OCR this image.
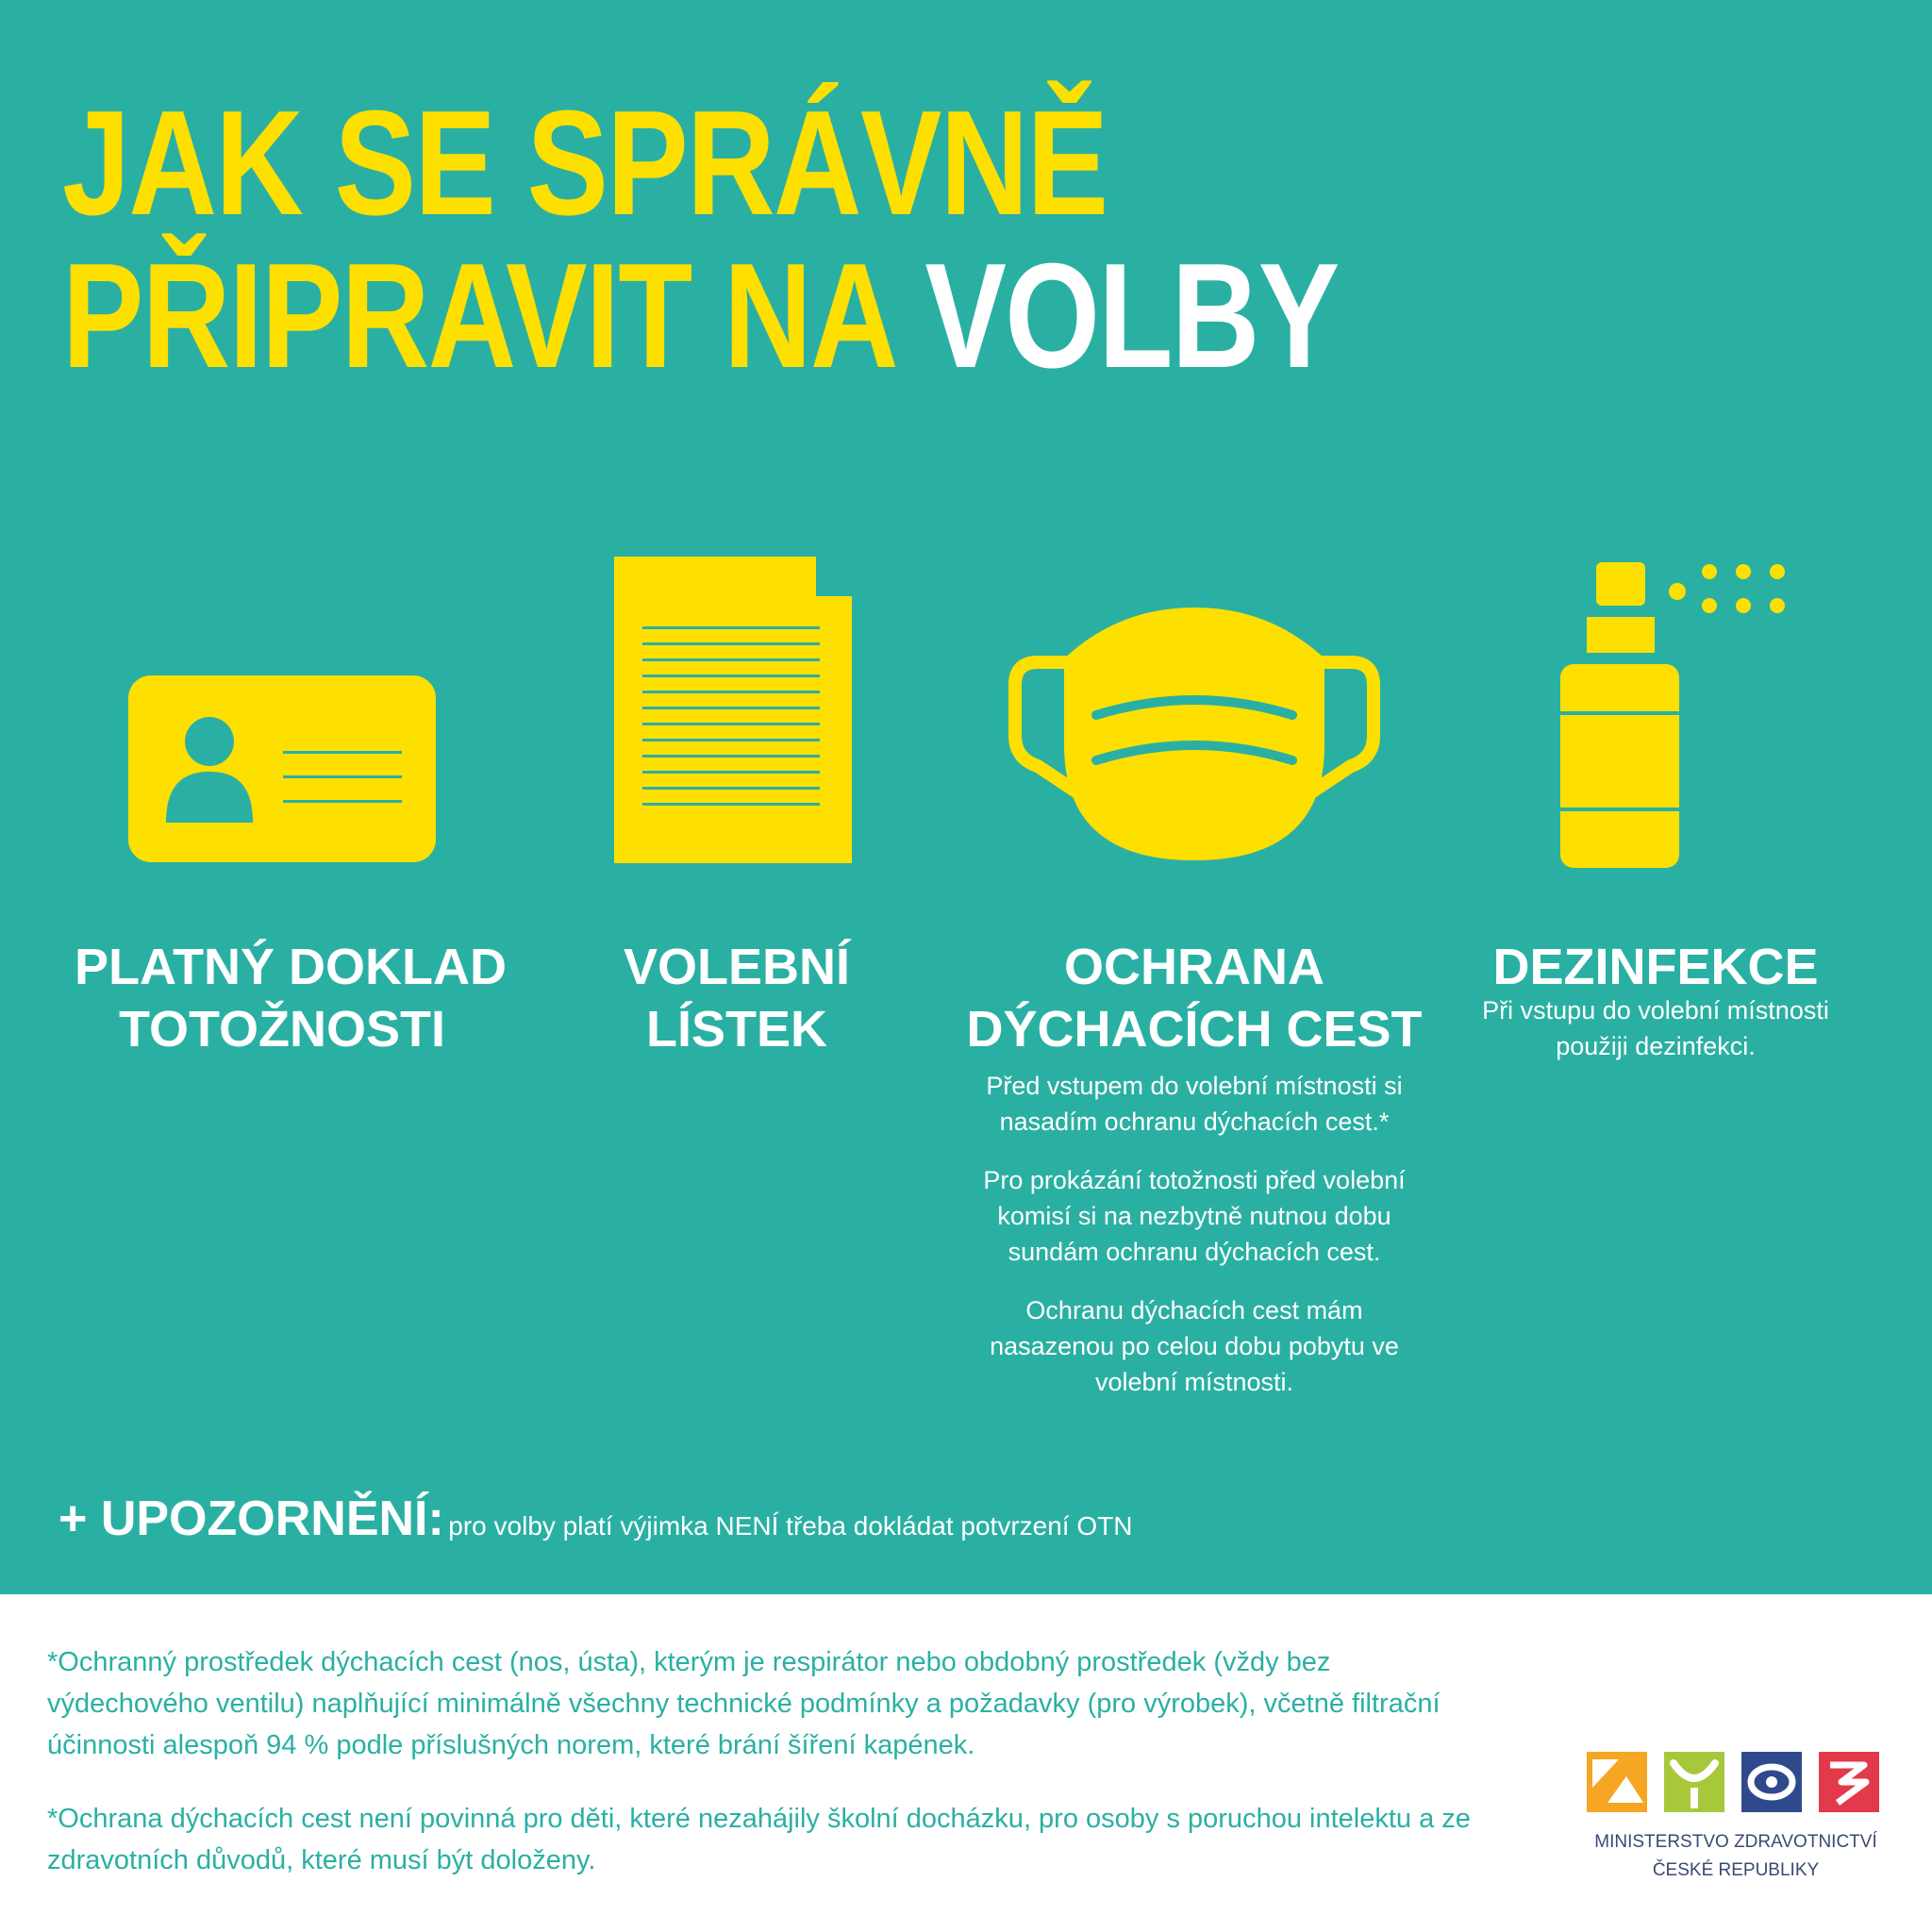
JAK SE SPRÁVNĚ
PŘIPRAVIT NA VOLBY
PLATNÝ DOKLAD
TOTOŽNOSTI
VOLEBNÍ
LÍSTEK
OCHRANA
DÝCHACÍCH CEST

Před vstupem do volební místnosti si nasadím ochranu dýchacích cest.*

Pro prokázání totožnosti před volební komisí si na nezbytně nutnou dobu sundám ochranu dýchacích cest.

Ochranu dýchacích cest mám nasazenou po celou dobu pobytu ve volební místnosti.

DEZINFEKCE

Při vstupu do volební místnosti použiji dezinfekci.

+ UPOZORNĚNÍ: pro volby platí výjimka NENÍ třeba dokládat potvrzení OTN

*Ochranný prostředek dýchacích cest (nos, ústa), kterým je respirátor nebo obdobný prostředek (vždy bez výdechového ventilu) naplňující minimálně všechny technické podmínky a požadavky (pro výrobek), včetně filtrační účinnosti alespoň 94 % podle příslušných norem, které brání šíření kapének.

*Ochrana dýchacích cest není povinná pro děti, které nezahájily školní docházku, pro osoby s poruchou intelektu a ze zdravotních důvodů, které musí být doloženy.

MINISTERSTVO ZDRAVOTNICTVÍ
ČESKÉ REPUBLIKY
